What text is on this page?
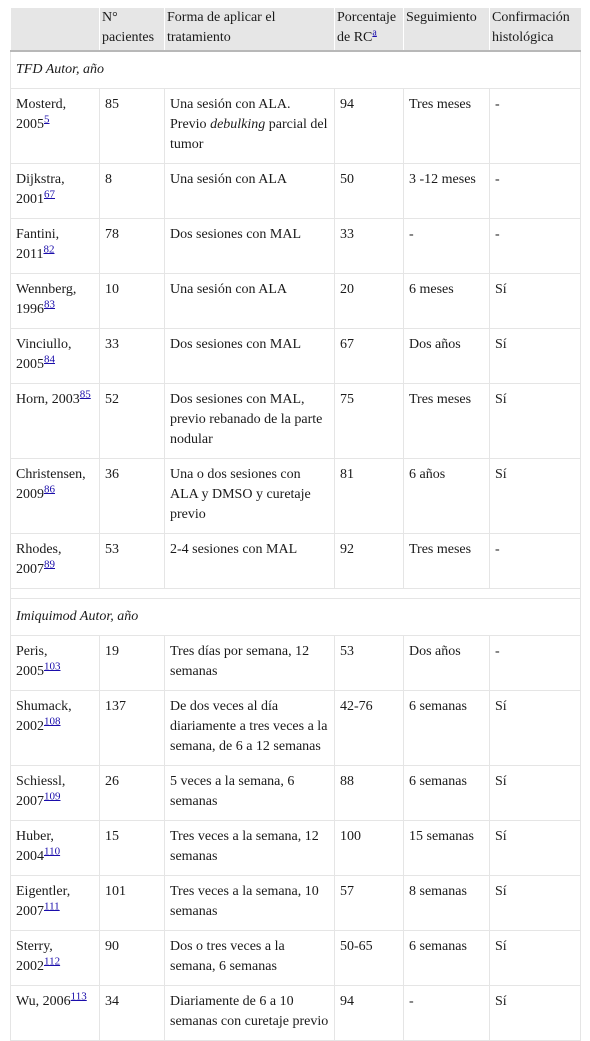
	N° pacientes	Forma de aplicar el tratamiento	Porcentaje de $RC^a$	Seguimiento	Confirmación histológica
TFD Autor, año					
Mosterd, 2005$^5$	85	Una sesión con ALA. Previo debulking parcial del tumor	94	Tres meses	-
Dijkstra, 2001$^{67}$	8	Una sesión con ALA	50	3 -12 meses	-
Fantini, 2011$^{82}$	78	Dos sesiones con MAL	33	-	-
Wennberg, 1996$^{83}$	10	Una sesión con ALA	20	6 meses	Sí
Vinciullo, 2005$^{84}$	33	Dos sesiones con MAL	67	Dos años	Sí
Horn, 2003$^{85}$	52	Dos sesiones con MAL, previo rebanado de la parte nodular	75	Tres meses	Sí
Christensen, 2009$^{86}$	36	Una o dos sesiones con ALA y DMSO y curetaje previo	81	6 años	Sí
Rhodes, 2007$^{89}$	53	2-4 sesiones con MAL	92	Tres meses	-

Imiquimod Autor, año					
Peris, 2005$^{103}$	19	Tres días por semana, 12 semanas	53	Dos años	-
Shumack, 2002$^{108}$	137	De dos veces al día diariamente a tres veces a la semana, de 6 a 12 semanas	42-76	6 semanas	Sí
Schiessl, 2007$^{109}$	26	5 veces a la semana, 6 semanas	88	6 semanas	Sí
Huber, 2004$^{110}$	15	Tres veces a la semana, 12 semanas	100	15 semanas	Sí
Eigentler, 2007$^{111}$	101	Tres veces a la semana, 10 semanas	57	8 semanas	Sí
Sterry, 2002$^{112}$	90	Dos o tres veces a la semana, 6 semanas	50-65	6 semanas	Sí
Wu, 2006$^{113}$	34	Diariamente de 6 a 10 semanas con curetaje previo	94	-	Sí
